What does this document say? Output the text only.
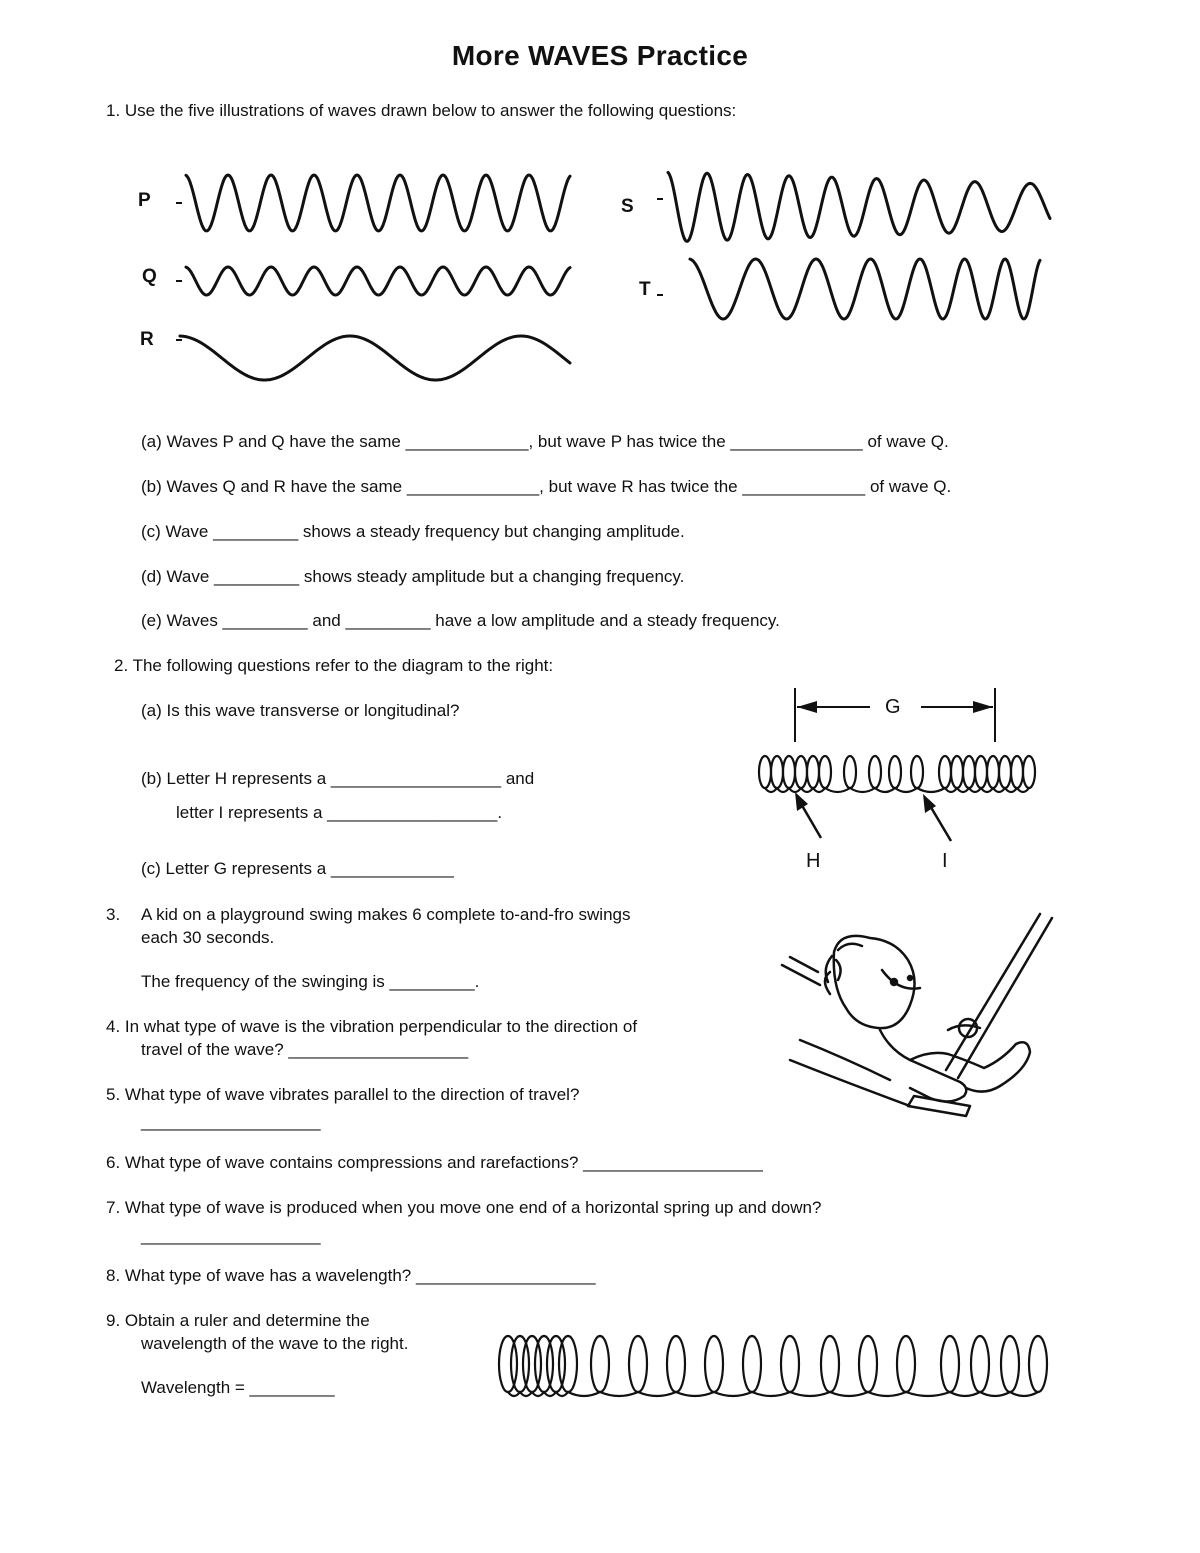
More WAVES Practice
1. Use the five illustrations of waves drawn below to answer the following questions:
P
Q
R
S
T
(a) Waves P and Q have the same _____________, but wave P has twice the ______________ of wave Q.
(b) Waves Q and R have the same ______________, but wave R has twice the _____________ of wave Q.
(c) Wave _________ shows a steady frequency but changing amplitude.
(d) Wave _________ shows steady amplitude but a changing frequency.
(e) Waves _________ and _________ have a low amplitude and a steady frequency.
2. The following questions refer to the diagram to the right:
(a) Is this wave transverse or longitudinal?
(b) Letter H represents a __________________ and
letter I represents a __________________.
(c) Letter G represents a _____________
G
H	I
3. A kid on a playground swing makes 6 complete to-and-fro swings
each 30 seconds.
The frequency of the swinging is _________.
4. In what type of wave is the vibration perpendicular to the direction of
travel of the wave? ___________________
5. What type of wave vibrates parallel to the direction of travel?
___________________
6. What type of wave contains compressions and rarefactions? ___________________
7. What type of wave is produced when you move one end of a horizontal spring up and down?
___________________
8. What type of wave has a wavelength? ___________________
9. Obtain a ruler and determine the
wavelength of the wave to the right.
Wavelength = _________
